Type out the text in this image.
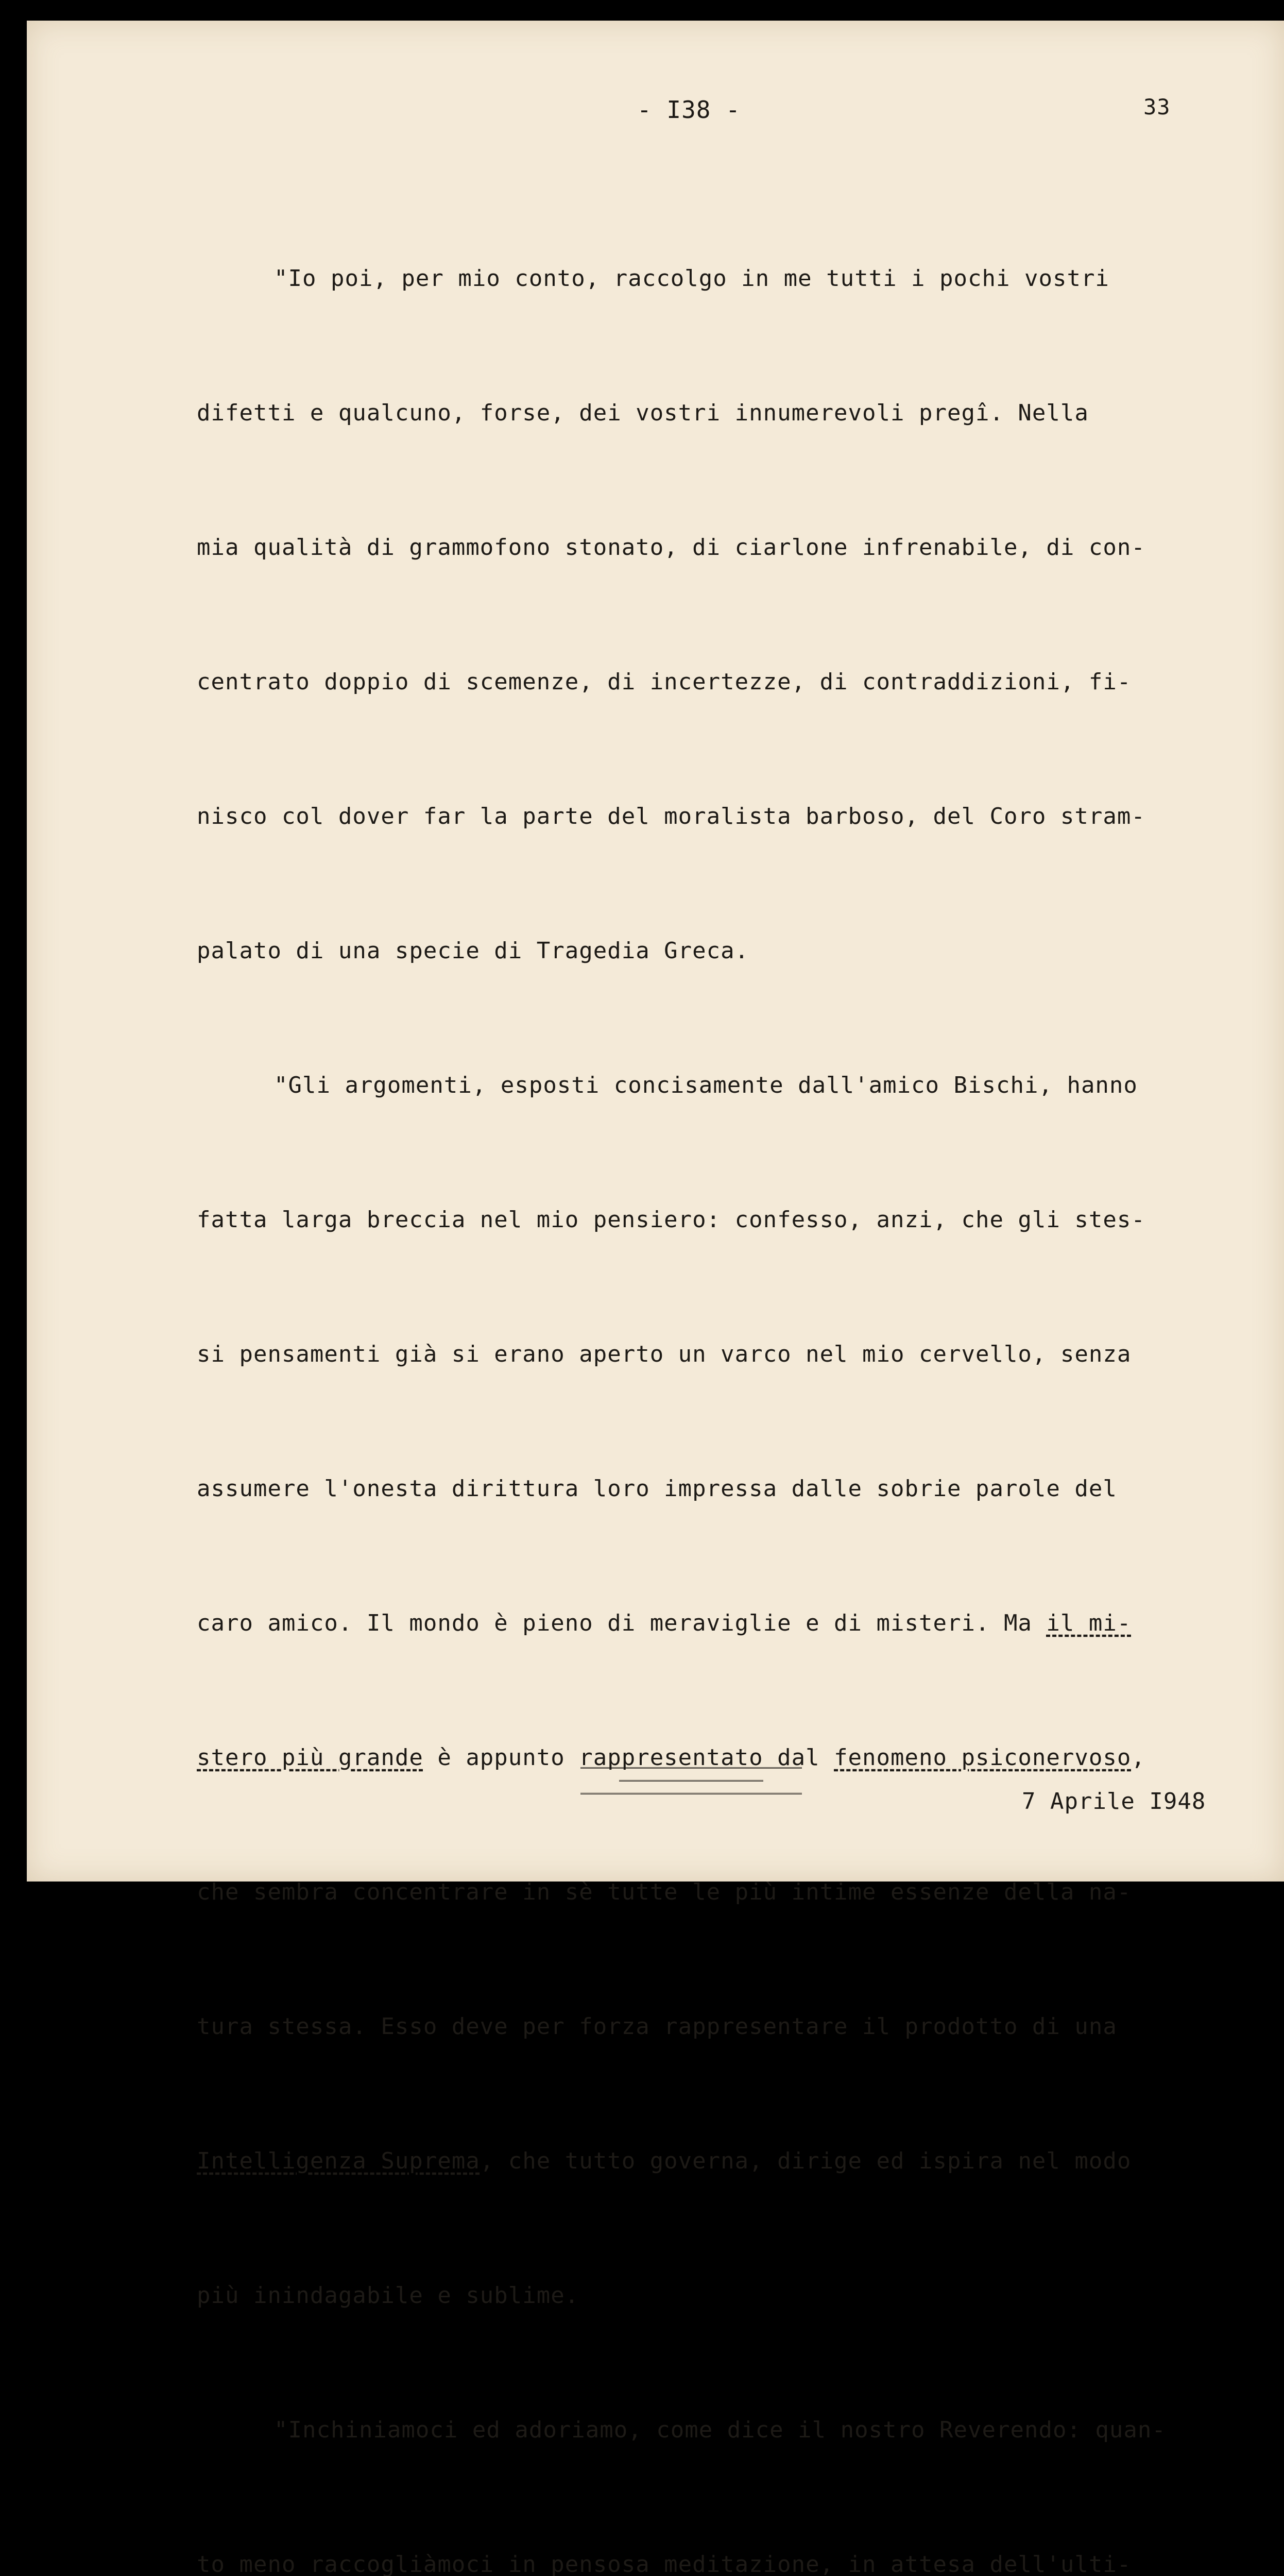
- I38 -	33

"Io poi, per mio conto, raccolgo in me tutti i pochi vostri

difetti e qualcuno, forse, dei vostri innumerevoli pregî. Nella

mia qualità di grammofono stonato, di ciarlone infrenabile, di con-

centrato doppio di scemenze, di incertezze, di contraddizioni, fi-

nisco col dover far la parte del moralista barboso, del Coro stram-

palato di una specie di Tragedia Greca.

"Gli argomenti, esposti concisamente dall'amico Bischi, hanno

fatta larga breccia nel mio pensiero: confesso, anzi, che gli stes-

si pensamenti già si erano aperto un varco nel mio cervello, senza

assumere l'onesta dirittura loro impressa dalle sobrie parole del

caro amico. Il mondo è pieno di meraviglie e di misteri. Ma il mi-

stero più grande è appunto rappresentato dal fenomeno psiconervoso,

che sembra concentrare in sè tutte le più intime essenze della na-

tura stessa. Esso deve per forza rappresentare il prodotto di una

Intelligenza Suprema, che tutto governa, dirige ed ispira nel modo

più inindagabile e sublime.

"Inchiniamoci ed adoriamo, come dice il nostro Reverendo: quan-

to meno raccogliàmoci in pensosa meditazione, in attesa dell'ulti-

7 Aprile I948
